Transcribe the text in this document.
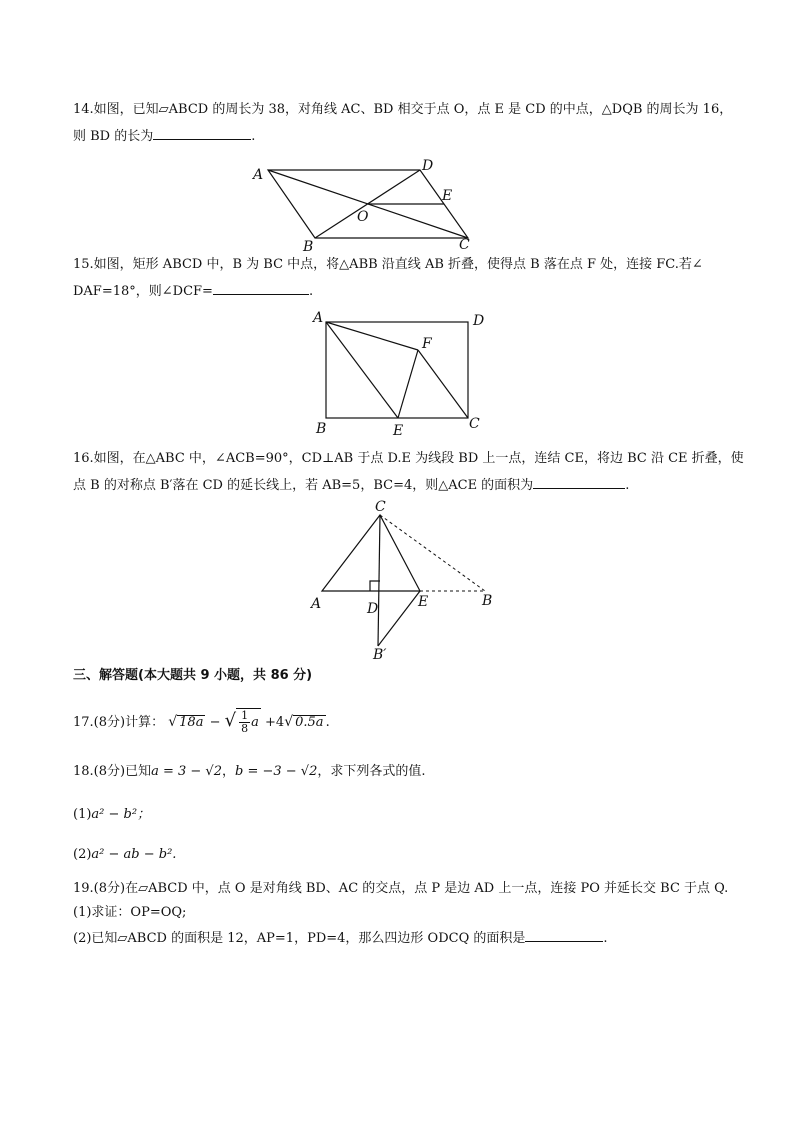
14.如图，已知▱ABCD 的周长为 38，对角线 AC、BD 相交于点 O，点 E 是 CD 的中点，△DQB 的周长为 16，
则 BD 的长为	.
A
D
E
O
B	C
15.如图，矩形 ABCD 中，B 为 BC 中点，将△ABB 沿直线 AB 折叠，使得点 B 落在点 F 处，连接 FC.若∠
DAF=18°，则∠DCF=	.
A	D
F
B	E	C
16.如图，在△ABC 中，∠ACB=90°，CD⊥AB 于点 D.E 为线段 BD 上一点，连结 CE，将边 BC 沿 CE 折叠，使
点 B 的对称点 B′落在 CD 的延长线上，若 AB=5，BC=4，则△ACE 的面积为	.
C
A	D	E	B
B′
三、解答题(本大题共 9 小题，共 86 分)
17.(8分)计算： √ 18a − √ $\frac{1}{8}$ a +4√ 0.5a .
18.(8分)已知a = 3 − √2，b = −3 − √2，求下列各式的值.
(1)a² − b²；
(2)a² − ab − b².
19.(8分)在▱ABCD 中，点 O 是对角线 BD、AC 的交点，点 P 是边 AD 上一点，连接 PO 并延长交 BC 于点 Q.
(1)求证：OP=OQ;
(2)已知▱ABCD 的面积是 12，AP=1，PD=4，那么四边形 ODCQ 的面积是	.
